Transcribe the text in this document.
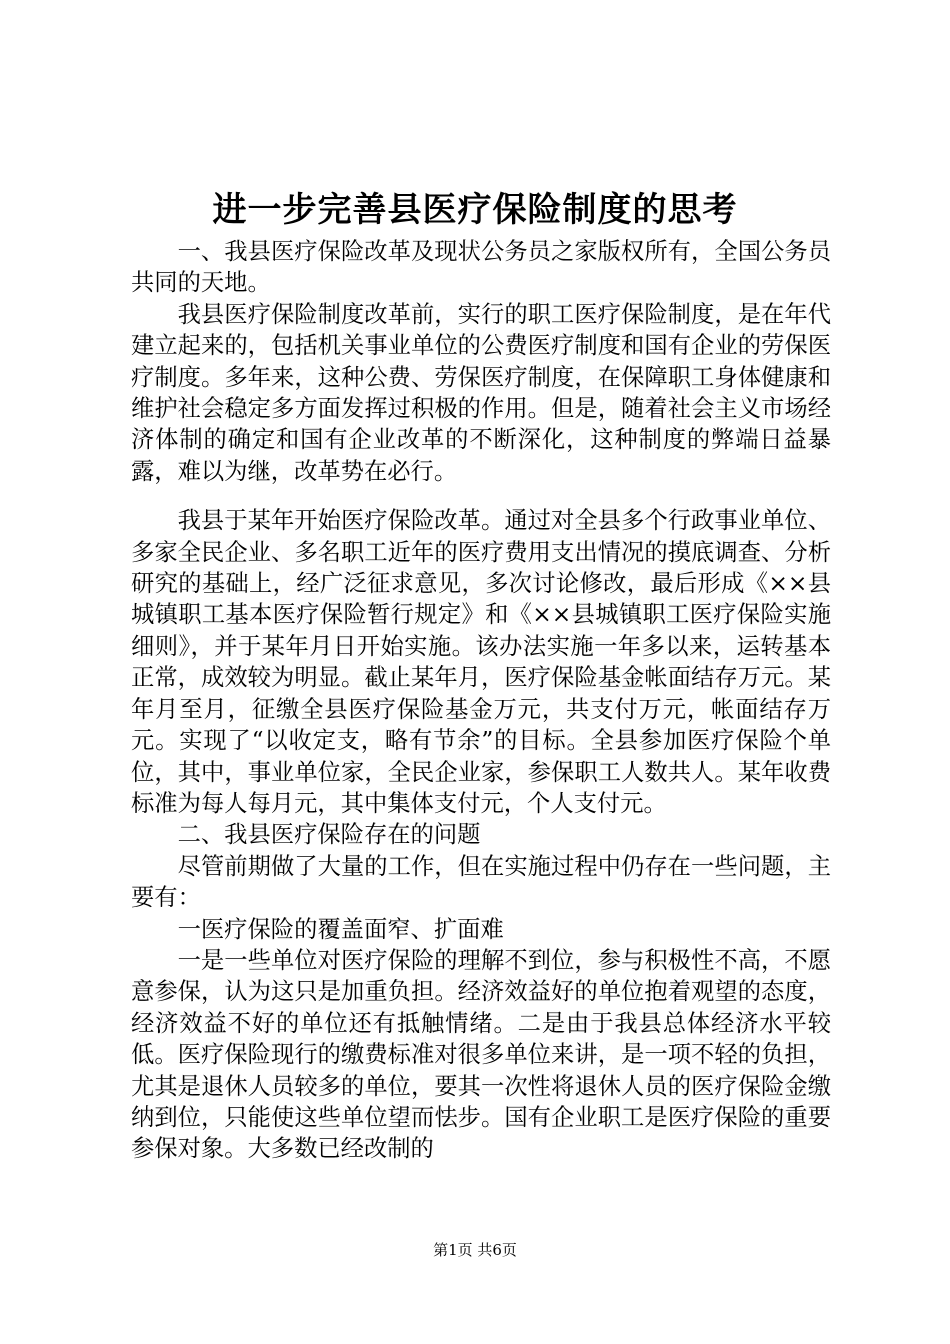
进一步完善县医疗保险制度的思考

一、我县医疗保险改革及现状公务员之家版权所有，全国公务员共同的天地。

我县医疗保险制度改革前，实行的职工医疗保险制度，是在年代建立起来的，包括机关事业单位的公费医疗制度和国有企业的劳保医疗制度。多年来，这种公费、劳保医疗制度，在保障职工身体健康和维护社会稳定多方面发挥过积极的作用。但是，随着社会主义市场经济体制的确定和国有企业改革的不断深化，这种制度的弊端日益暴露，难以为继，改革势在必行。

我县于某年开始医疗保险改革。通过对全县多个行政事业单位、多家全民企业、多名职工近年的医疗费用支出情况的摸底调查、分析研究的基础上，经广泛征求意见，多次讨论修改，最后形成《××县城镇职工基本医疗保险暂行规定》和《××县城镇职工医疗保险实施细则》，并于某年月日开始实施。该办法实施一年多以来，运转基本正常，成效较为明显。截止某年月，医疗保险基金帐面结存万元。某年月至月，征缴全县医疗保险基金万元，共支付万元，帐面结存万元。实现了“以收定支，略有节余”的目标。全县参加医疗保险个单位，其中，事业单位家，全民企业家，参保职工人数共人。某年收费标准为每人每月元，其中集体支付元，个人支付元。

二、我县医疗保险存在的问题

尽管前期做了大量的工作，但在实施过程中仍存在一些问题，主要有：

一医疗保险的覆盖面窄、扩面难

一是一些单位对医疗保险的理解不到位，参与积极性不高，不愿意参保，认为这只是加重负担。经济效益好的单位抱着观望的态度，经济效益不好的单位还有抵触情绪。二是由于我县总体经济水平较低。医疗保险现行的缴费标准对很多单位来讲，是一项不轻的负担，尤其是退休人员较多的单位，要其一次性将退休人员的医疗保险金缴纳到位，只能使这些单位望而怯步。国有企业职工是医疗保险的重要参保对象。大多数已经改制的

第1页 共6页
